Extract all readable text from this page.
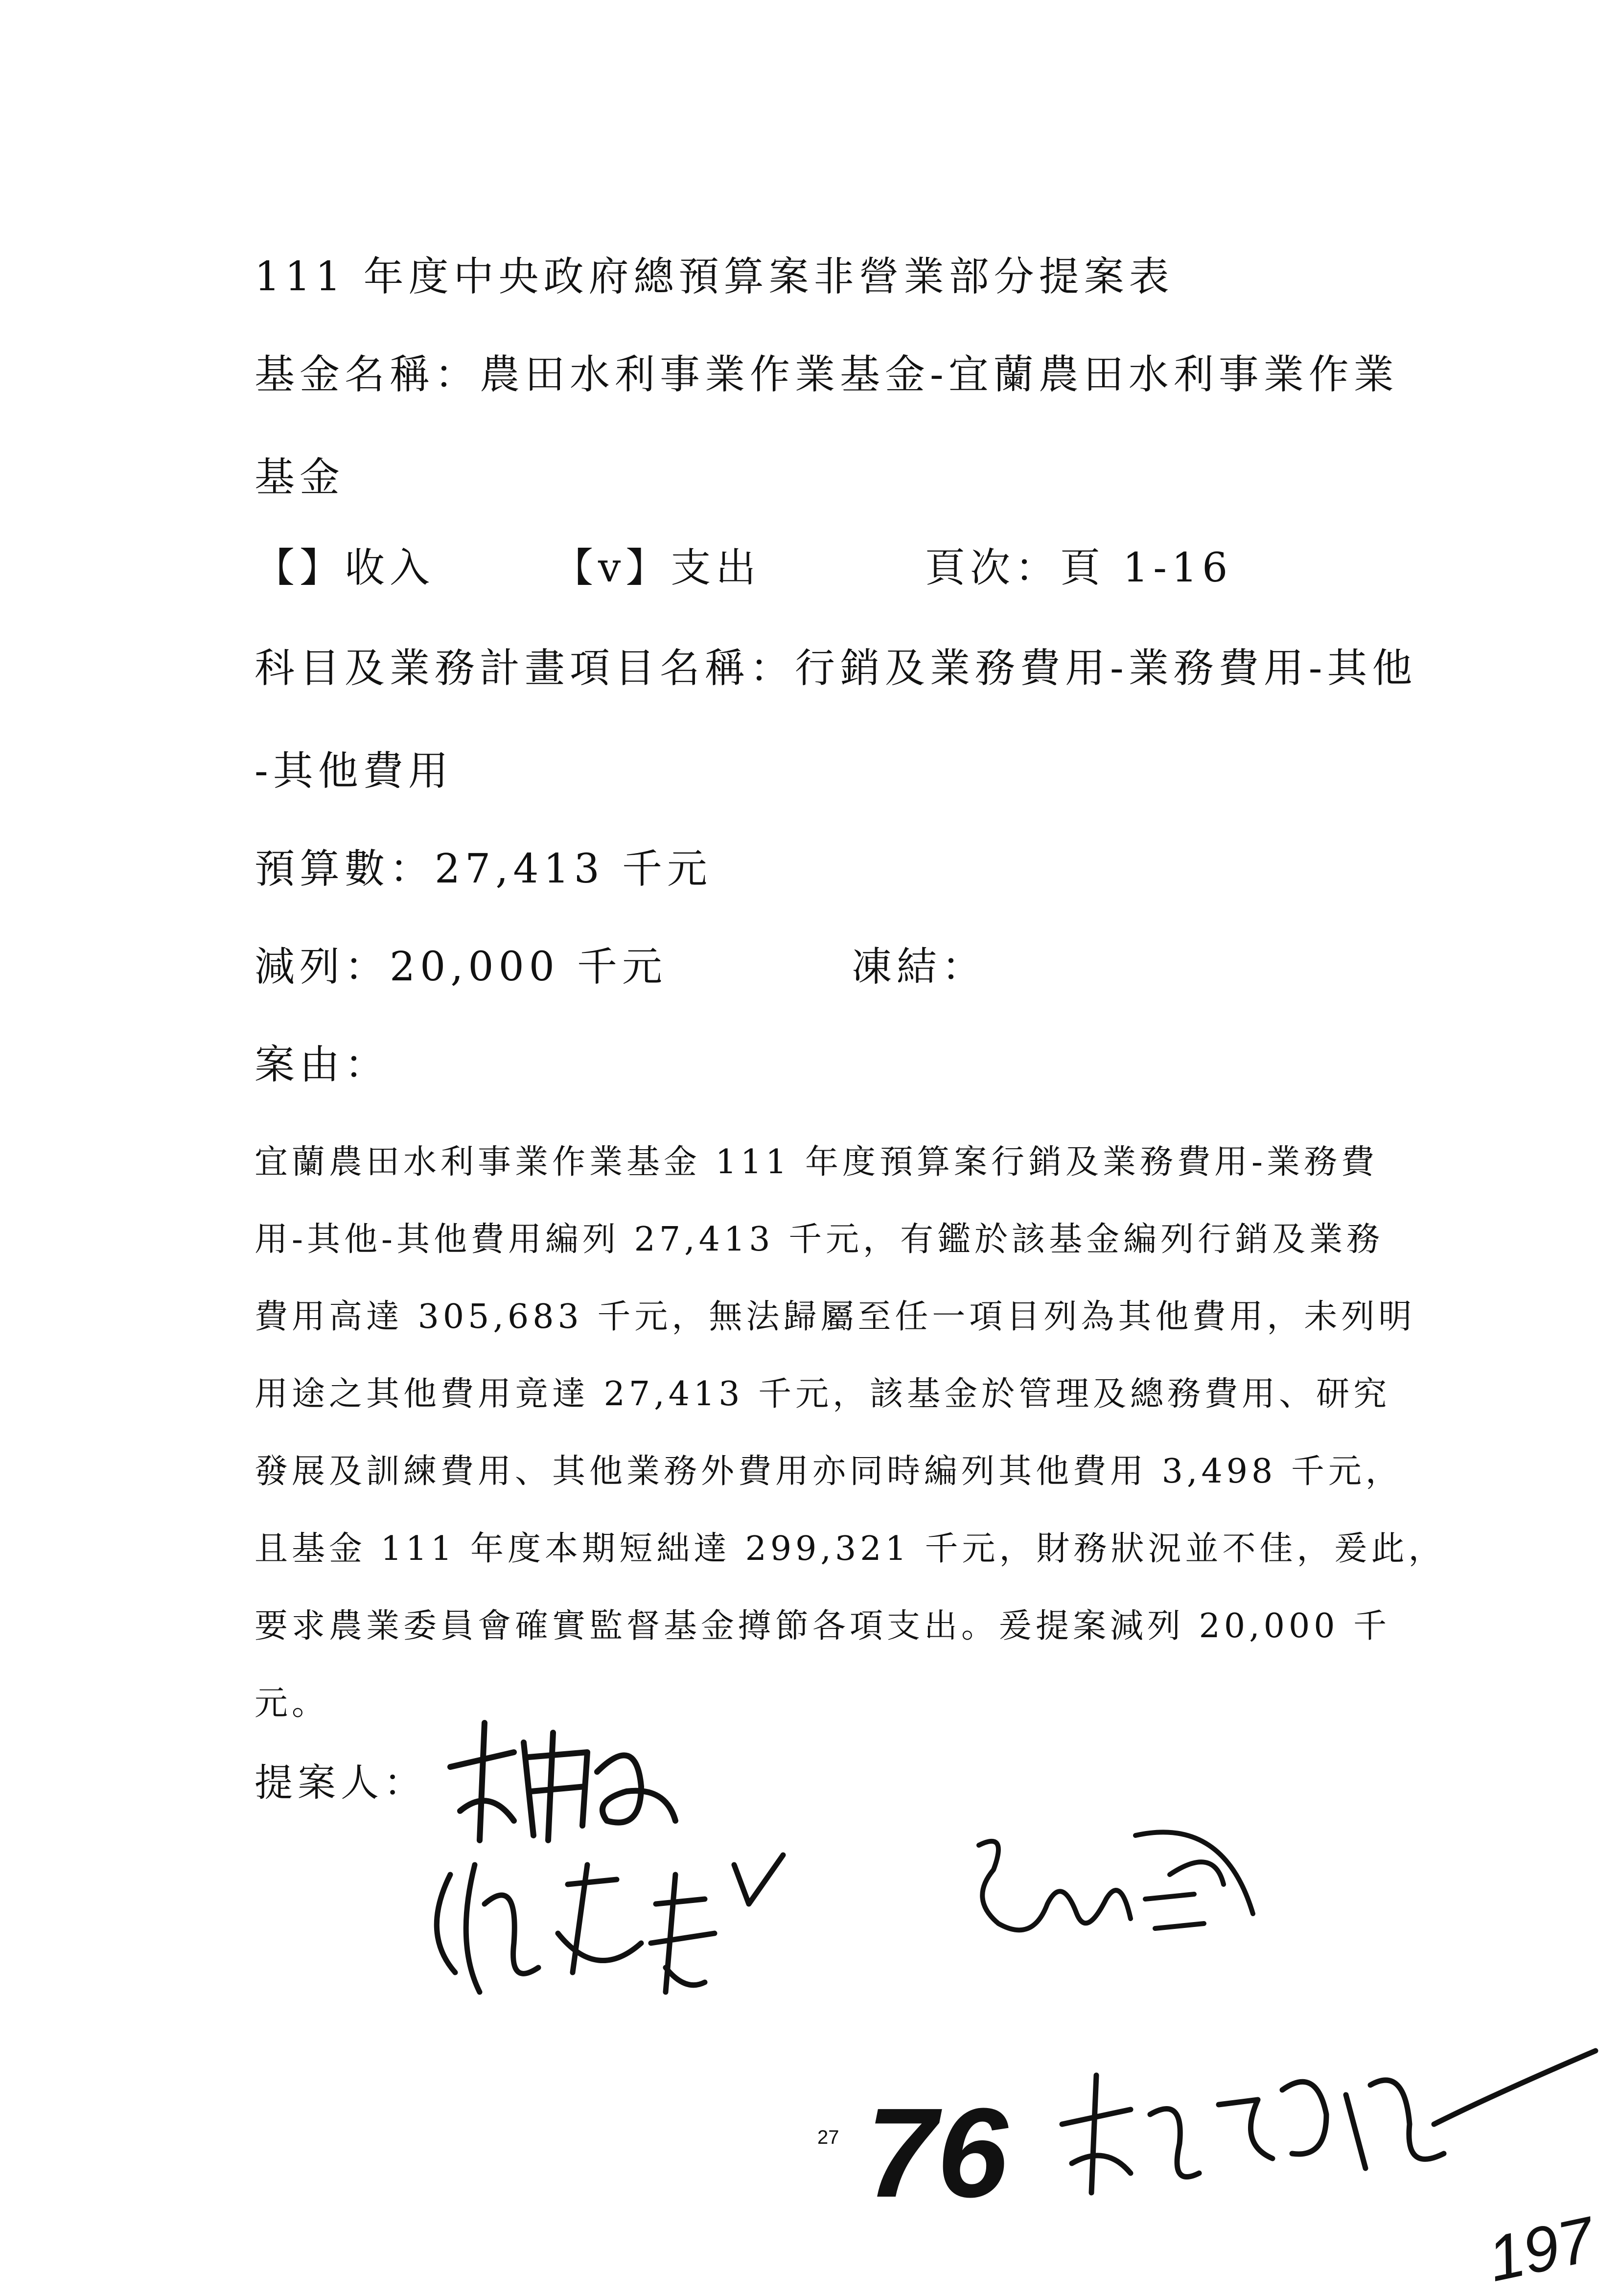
111 年度中央政府總預算案非營業部分提案表
基金名稱：農田水利事業作業基金-宜蘭農田水利事業作業
基金
【】收入	【v】支出	頁次：頁 1-16
科目及業務計畫項目名稱：行銷及業務費用-業務費用-其他
-其他費用
預算數：27,413 千元
減列：20,000 千元	凍結：
案由：
宜蘭農田水利事業作業基金 111 年度預算案行銷及業務費用-業務費
用-其他-其他費用編列 27,413 千元，有鑑於該基金編列行銷及業務
費用高達 305,683 千元，無法歸屬至任一項目列為其他費用，未列明
用途之其他費用竟達 27,413 千元，該基金於管理及總務費用、研究
發展及訓練費用、其他業務外費用亦同時編列其他費用 3,498 千元，
且基金 111 年度本期短絀達 299,321 千元，財務狀況並不佳，爰此，
要求農業委員會確實監督基金撙節各項支出。爰提案減列 20,000 千
元。
提案人：
27 76
197
